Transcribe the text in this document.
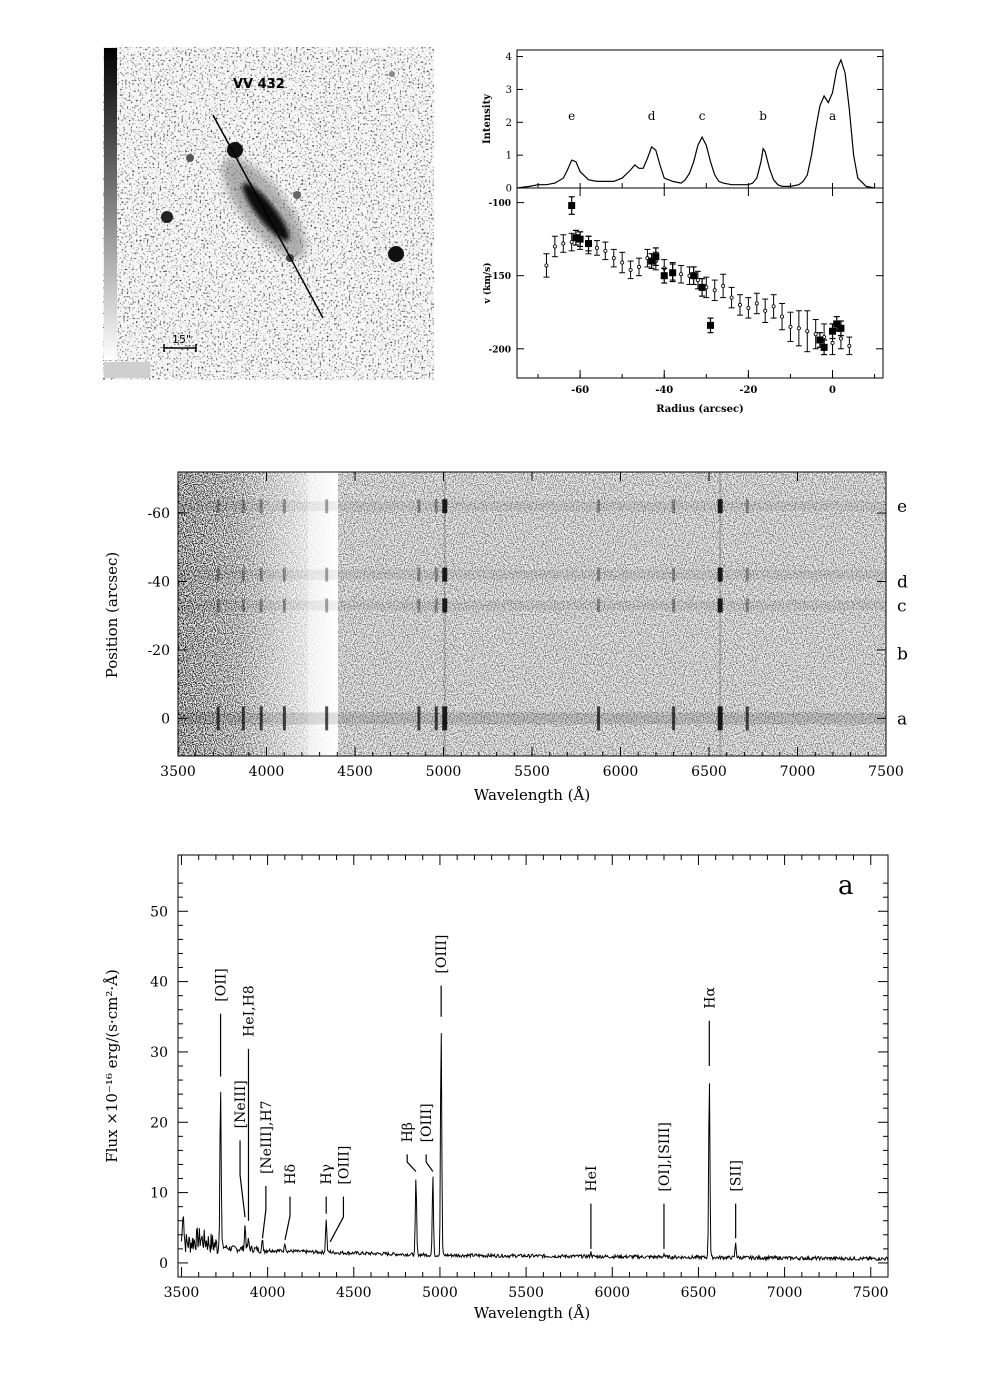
VV 432
15"
0
1
2
3
4
e	d	c	b	a
Intensity
-60	-40	-20	0
-100
-150
-200
v (km/s)
Radius (arcsec)
3500	4000	4500	5000	5500	6000	6500	7000	7500
-60
-40
-20
0
e
d
c
b
a
Position (arcsec)
Wavelength (Å)
3500	4000	4500	5000	5500	6000	6500	7000	7500
0
10
20
30
40
50
[OII]
HeI,H8
[NeIII] [NeIII],H7
Hδ Hγ [OIII]
Hβ [OIII]
[OIII]
HeI	[OI],[SIII]
Hα
[SII]
a
Flux ×10⁻¹⁶ erg/(s·cm²·Å)
Wavelength (Å)
